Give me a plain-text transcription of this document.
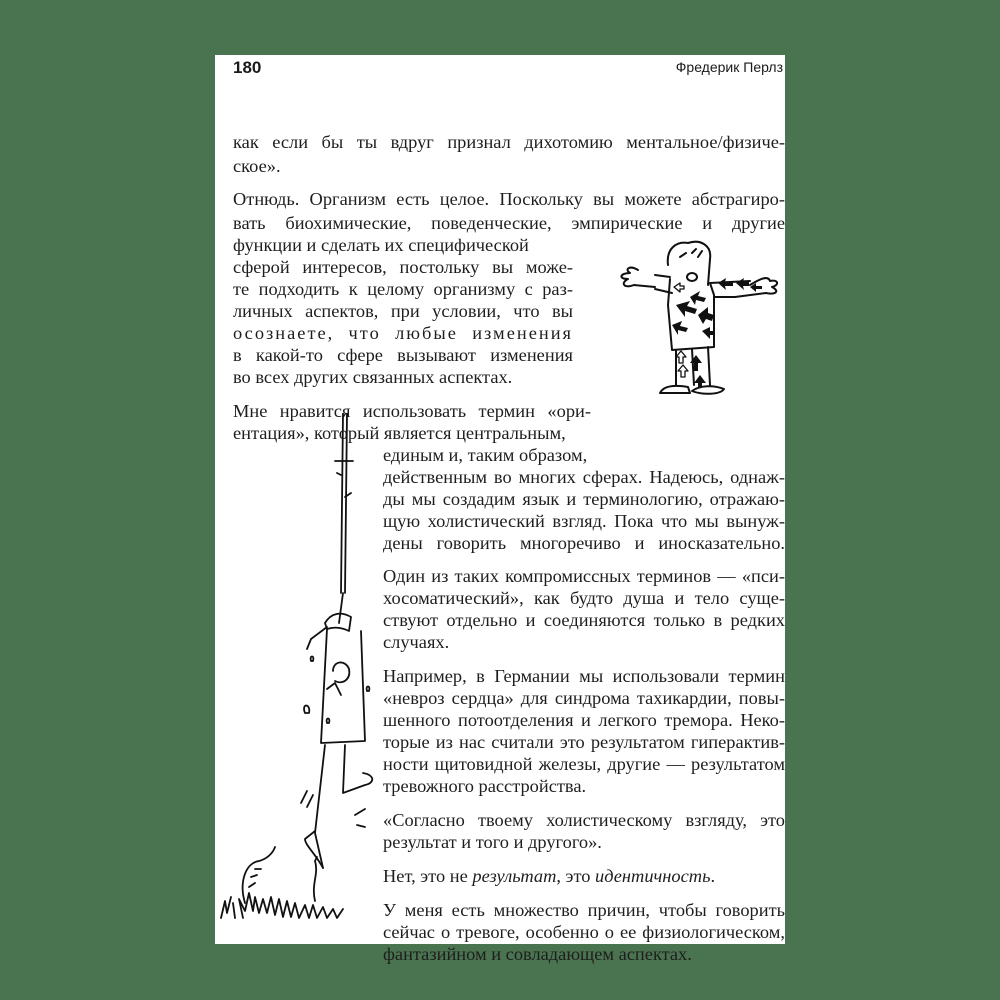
180	Фредерик Перлз
как если бы ты вдруг признал дихотомию ментальное/физиче-
ское».
Отнюдь. Организм есть целое. Поскольку вы можете абстрагиро-
вать биохимические, поведенческие, эмпирические и другие
функции и сделать их специфической
сферой интересов, постольку вы може-
те подходить к целому организму с раз-
личных аспектов, при условии, что вы
осознаете, что любые изменения
в какой-то сфере вызывают изменения
во всех других связанных аспектах.
Мне нравится использовать термин «ори-
ентация», который является центральным,
единым и, таким образом,
действенным во многих сферах. Надеюсь, однаж-
ды мы создадим язык и терминологию, отражаю-
щую холистический взгляд. Пока что мы вынуж-
дены говорить многоречиво и иносказательно.
Один из таких компромиссных терминов — «пси-
хосоматический», как будто душа и тело суще-
ствуют отдельно и соединяются только в редких
случаях.
Например, в Германии мы использовали термин
«невроз сердца» для синдрома тахикардии, повы-
шенного потоотделения и легкого тремора. Неко-
торые из нас считали это результатом гиперактив-
ности щитовидной железы, другие — результатом
тревожного расстройства.
«Согласно твоему холистическому взгляду, это
результат и того и другого».
Нет, это не результат, это идентичность.
У меня есть множество причин, чтобы говорить
сейчас о тревоге, особенно о ее физиологическом,
фантазийном и совладающем аспектах.
